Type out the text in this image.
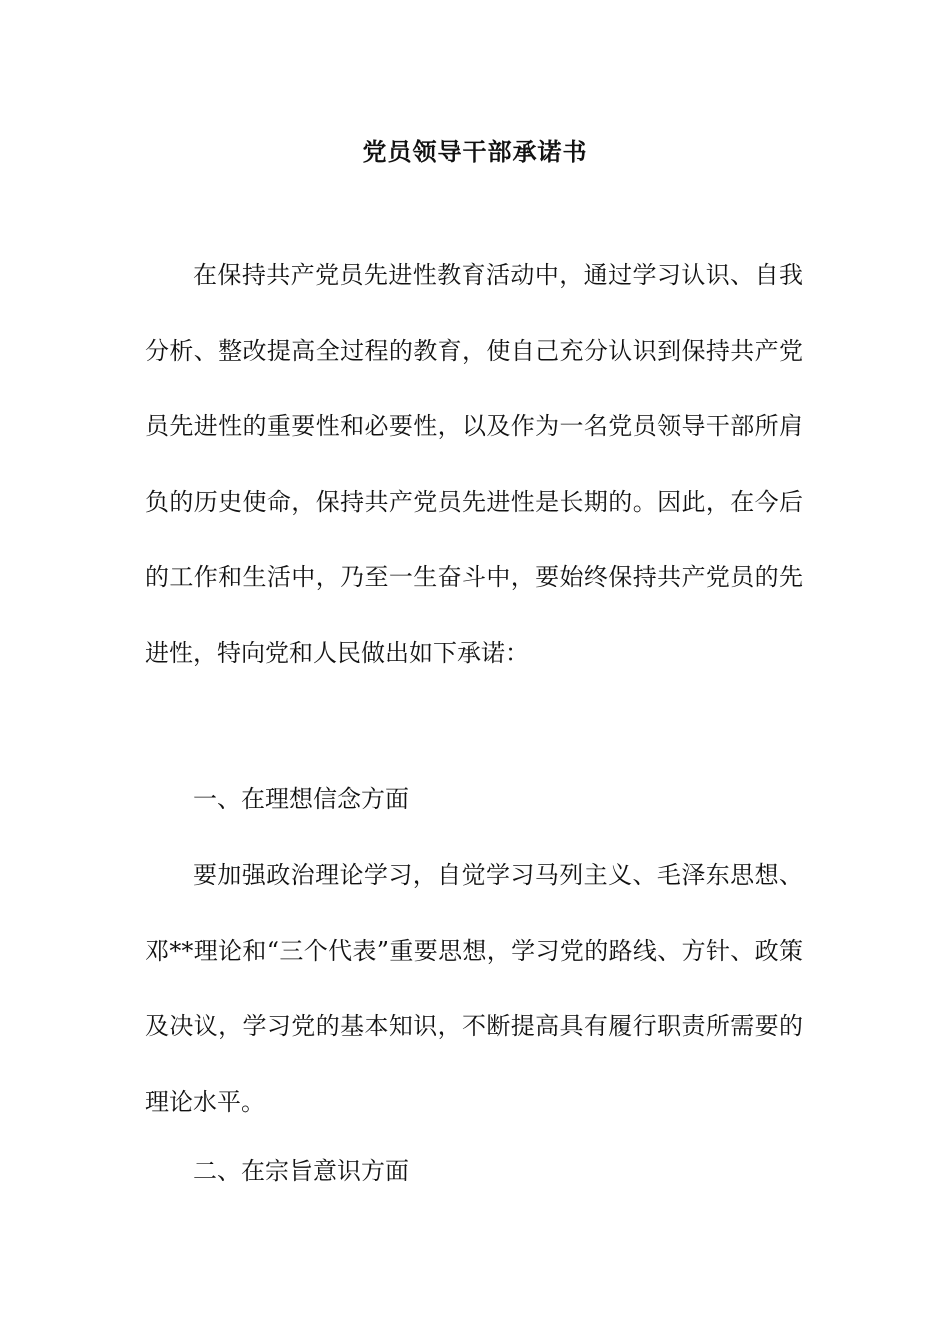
党员领导干部承诺书

在保持共产党员先进性教育活动中，通过学习认识、自我分析、整改提高全过程的教育，使自己充分认识到保持共产党员先进性的重要性和必要性，以及作为一名党员领导干部所肩负的历史使命，保持共产党员先进性是长期的。因此，在今后的工作和生活中，乃至一生奋斗中，要始终保持共产党员的先进性，特向党和人民做出如下承诺：

一、在理想信念方面

要加强政治理论学习，自觉学习马列主义、毛泽东思想、邓**理论和“三个代表”重要思想，学习党的路线、方针、政策及决议，学习党的基本知识，不断提高具有履行职责所需要的理论水平。

二、在宗旨意识方面
